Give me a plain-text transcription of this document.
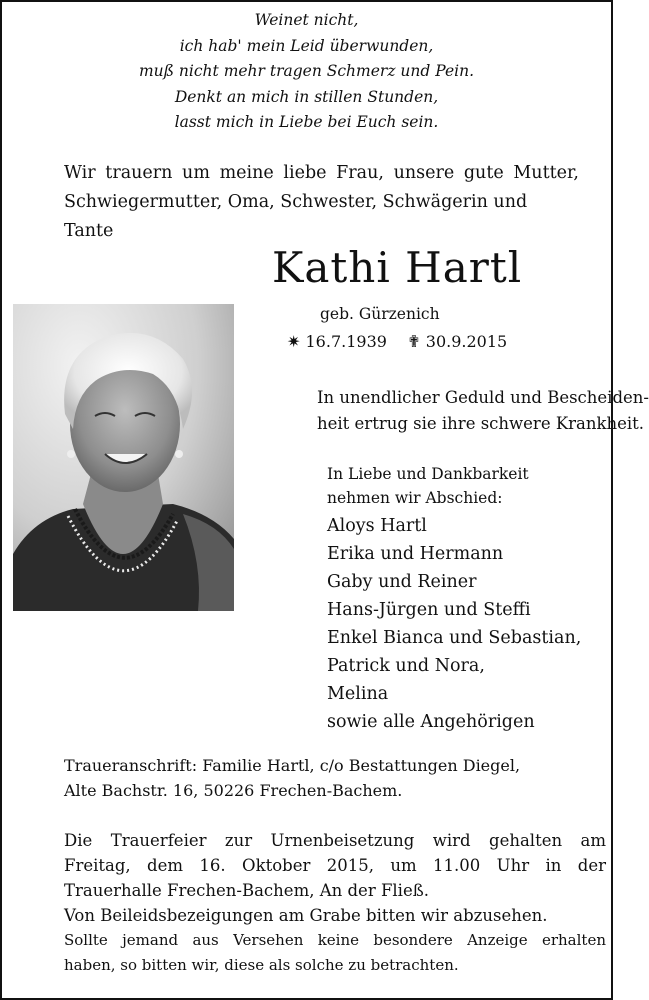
Weinet nicht,
ich hab' mein Leid überwunden,
muß nicht mehr tragen Schmerz und Pein.
Denkt an mich in stillen Stunden,
lasst mich in Liebe bei Euch sein.
Wir trauern um meine liebe Frau, unsere gute Mutter,
Schwiegermutter, Oma, Schwester, Schwägerin und Tante
Kathi Hartl
geb. Gürzenich
✷ 16.7.1939 ✟ 30.9.2015
In unendlicher Geduld und Bescheiden-
heit ertrug sie ihre schwere Krankheit.
In Liebe und Dankbarkeit
nehmen wir Abschied:
Aloys Hartl
Erika und Hermann
Gaby und Reiner
Hans-Jürgen und Steffi
Enkel Bianca und Sebastian,
Patrick und Nora,
Melina
sowie alle Angehörigen
Traueranschrift: Familie Hartl, c/o Bestattungen Diegel,
Alte Bachstr. 16, 50226 Frechen-Bachem.
Die Trauerfeier zur Urnenbeisetzung wird gehalten am
Freitag, dem 16. Oktober 2015, um 11.00 Uhr in der
Trauerhalle Frechen-Bachem, An der Fließ.
Von Beileidsbezeigungen am Grabe bitten wir abzusehen.
Sollte jemand aus Versehen keine besondere Anzeige erhalten
haben, so bitten wir, diese als solche zu betrachten.
